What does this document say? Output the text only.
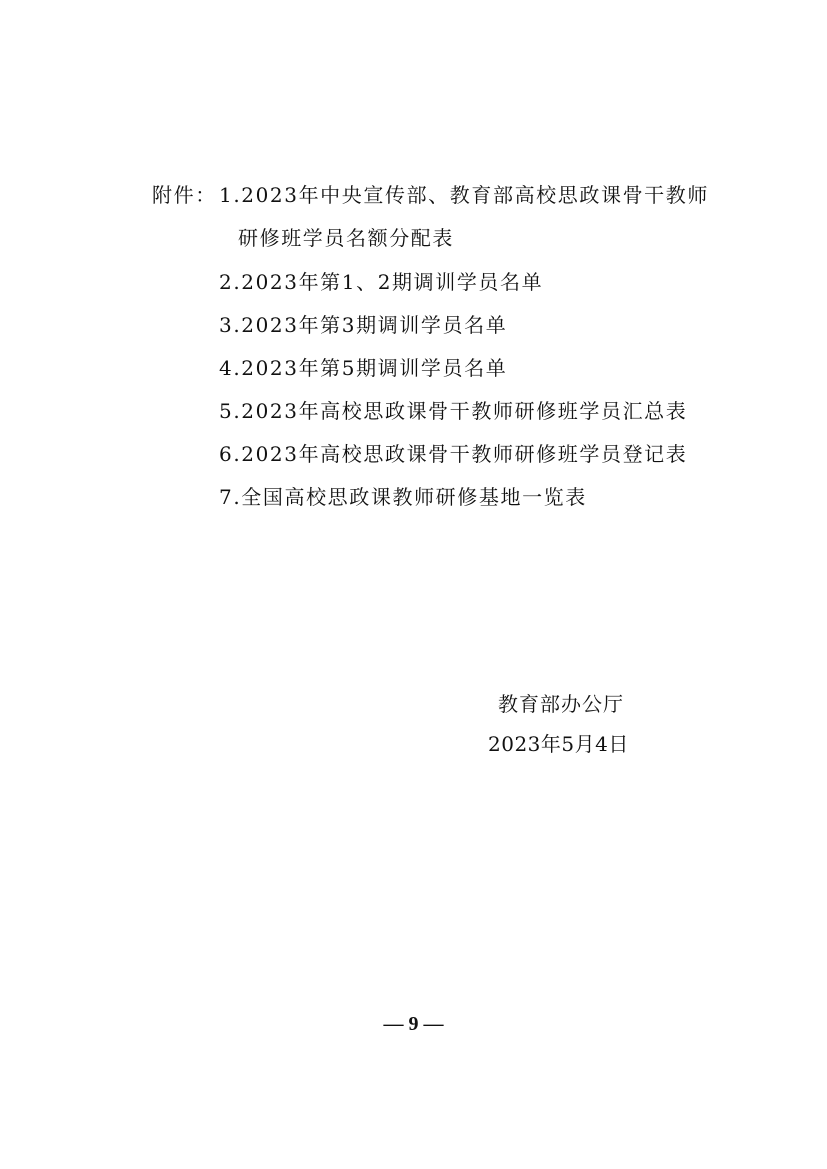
附件： 1.2023年中央宣传部、教育部高校思政课骨干教师
研修班学员名额分配表
2.2023年第1、2期调训学员名单
3.2023年第3期调训学员名单
4.2023年第5期调训学员名单
5.2023年高校思政课骨干教师研修班学员汇总表
6.2023年高校思政课骨干教师研修班学员登记表
7.全国高校思政课教师研修基地一览表
教育部办公厅
2023年5月4日
— 9 —
